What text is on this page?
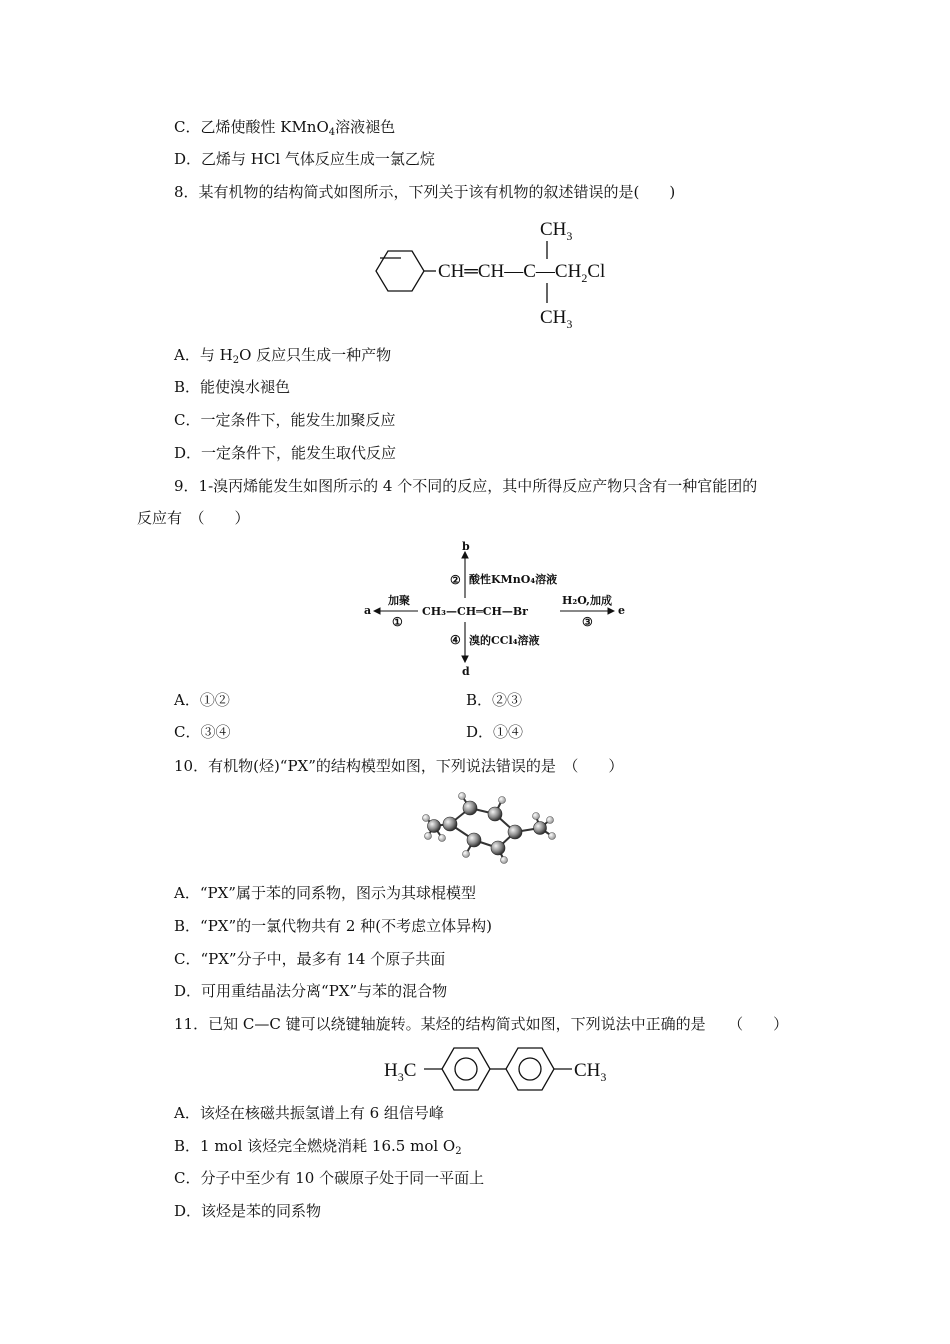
C．乙烯使酸性 KMnO$_4$溶液褪色
D．乙烯与 HCl 气体反应生成一氯乙烷
8．某有机物的结构简式如图所示，下列关于该有机物的叙述错误的是(　　)
$CH═CH—C—CH_2Cl$
$CH_3$
$CH_3$
A．与 $H_2O$ 反应只生成一种产物
B．能使溴水褪色
C．一定条件下，能发生加聚反应
D．一定条件下，能发生取代反应
9．1-溴丙烯能发生如图所示的 4 个不同的反应，其中所得反应产物只含有一种官能团的
反应有　（　　）
b
② 酸性KMnO₄溶液
a
加聚
①
CH₃—CH═CH—Br
H₂O,加成
③
e
④ 溴的CCl₄溶液
d
A．①②	B．②③
C．③④	D．①④
10．有机物(烃)“PX”的结构模型如图，下列说法错误的是　（　　）
A．“PX”属于苯的同系物，图示为其球棍模型
B．“PX”的一氯代物共有 2 种(不考虑立体异构)
C．“PX”分子中，最多有 14 个原子共面
D．可用重结晶法分离“PX”与苯的混合物
11．已知 C—C 键可以绕键轴旋转。某烃的结构简式如图，下列说法中正确的是　　（　　）
$H_3C$	$CH_3$
A．该烃在核磁共振氢谱上有 6 组信号峰
B．1 mol 该烃完全燃烧消耗 16.5 mol $O_2$
C．分子中至少有 10 个碳原子处于同一平面上
D．该烃是苯的同系物
